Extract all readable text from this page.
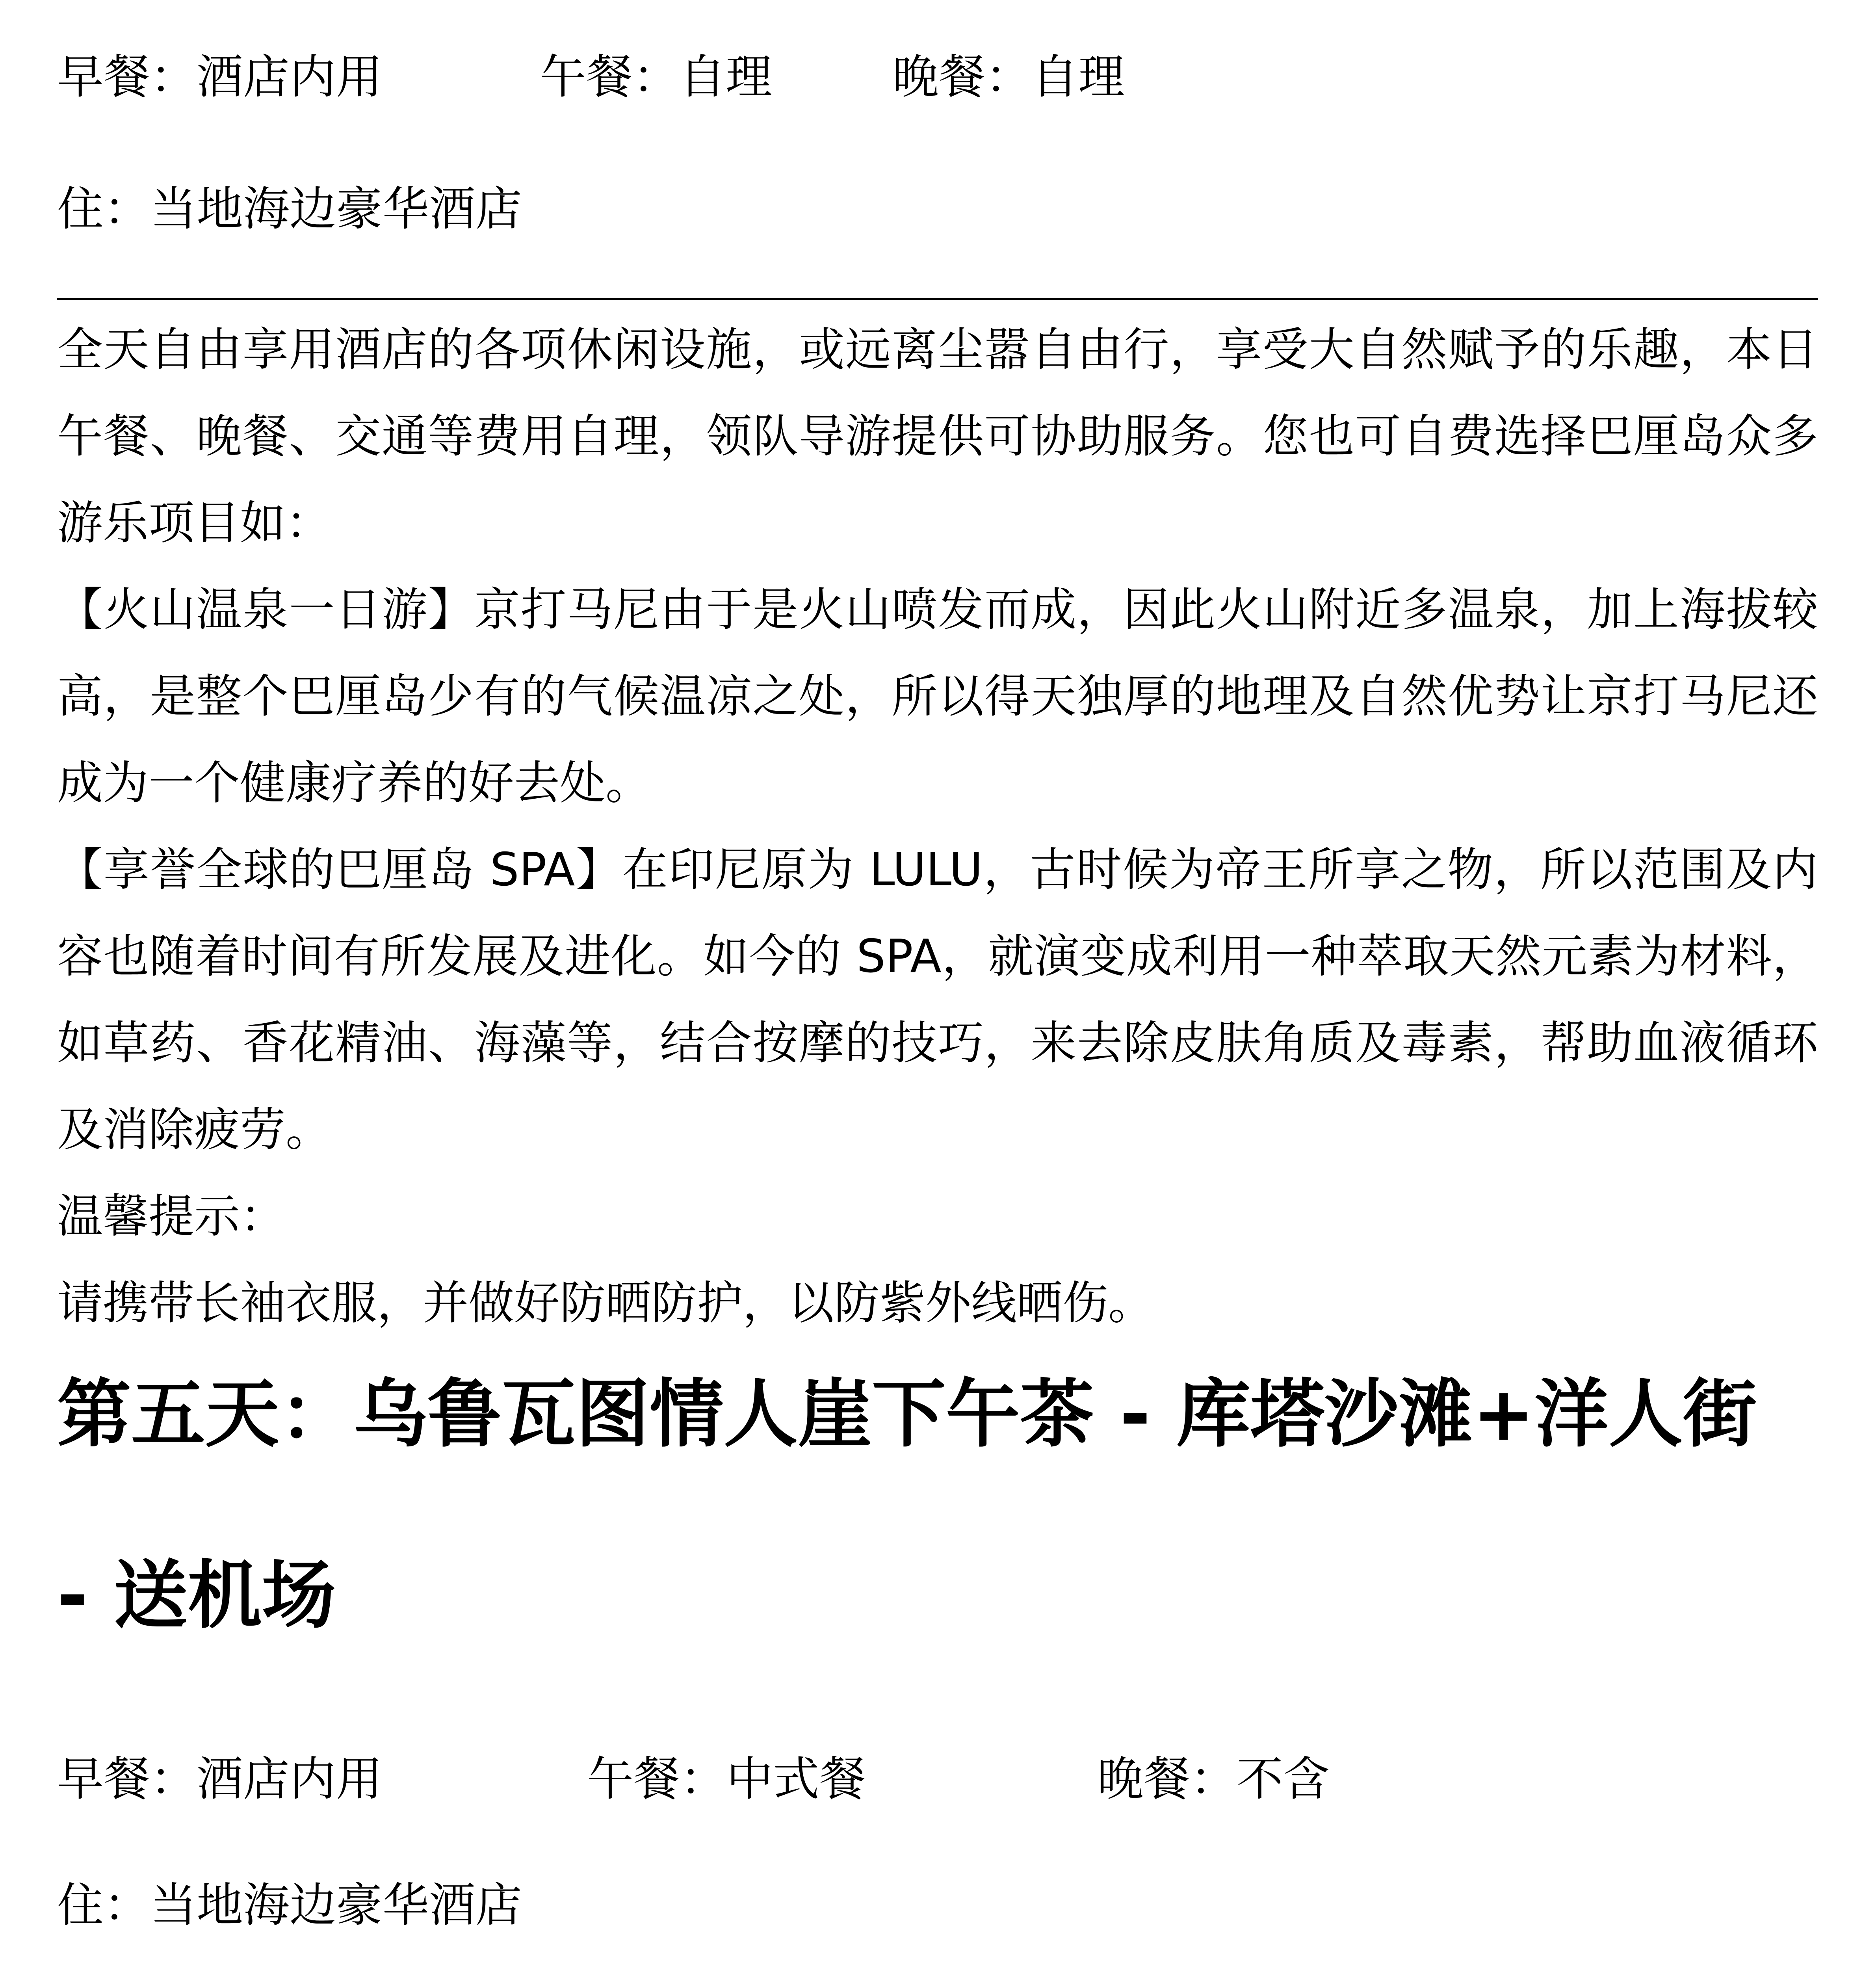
早餐：酒店内用	午餐：自理	晚餐：自理
住：当地海边豪华酒店

全天自由享用酒店的各项休闲设施，或远离尘嚣自由行，享受大自然赋予的乐趣，本日午餐、晚餐、交通等费用自理，领队导游提供可协助服务。您也可自费选择巴厘岛众多游乐项目如：

【火山温泉一日游】京打马尼由于是火山喷发而成，因此火山附近多温泉，加上海拔较高，是整个巴厘岛少有的气候温凉之处，所以得天独厚的地理及自然优势让京打马尼还成为一个健康疗养的好去处。

【享誉全球的巴厘岛 SPA】在印尼原为 LULU，古时候为帝王所享之物，所以范围及内容也随着时间有所发展及进化。如今的 SPA，就演变成利用一种萃取天然元素为材料，如草药、香花精油、海藻等，结合按摩的技巧，来去除皮肤角质及毒素，帮助血液循环及消除疲劳。

温馨提示：

请携带长袖衣服，并做好防晒防护，以防紫外线晒伤。

第五天：乌鲁瓦图情人崖下午茶 - 库塔沙滩+洋人街
- 送机场
早餐：酒店内用	午餐：中式餐	晚餐：不含
住：当地海边豪华酒店
